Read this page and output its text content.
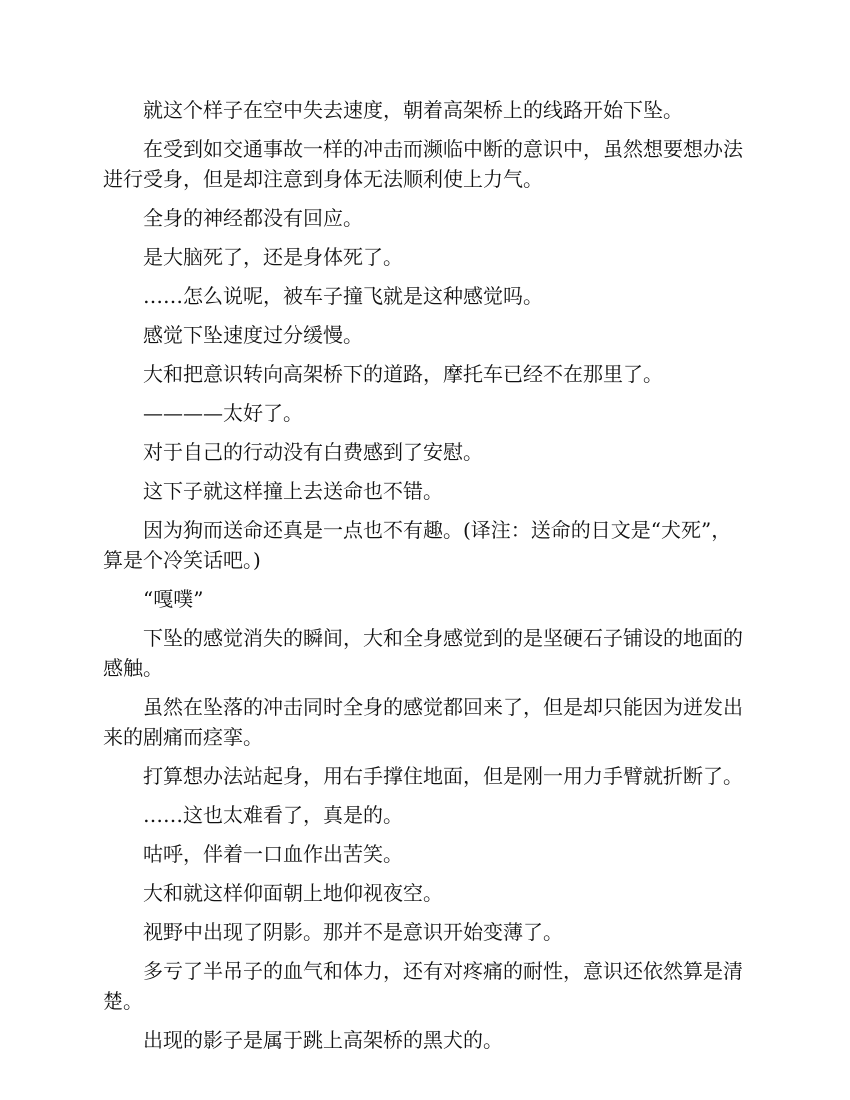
就这个样子在空中失去速度，朝着高架桥上的线路开始下坠。

在受到如交通事故一样的冲击而濒临中断的意识中，虽然想要想办法进行受身，但是却注意到身体无法顺利使上力气。

全身的神经都没有回应。

是大脑死了，还是身体死了。

……怎么说呢，被车子撞飞就是这种感觉吗。

感觉下坠速度过分缓慢。

大和把意识转向高架桥下的道路，摩托车已经不在那里了。

————太好了。

对于自己的行动没有白费感到了安慰。

这下子就这样撞上去送命也不错。

因为狗而送命还真是一点也不有趣。(译注：送命的日文是“犬死”，算是个冷笑话吧。)

“嘎噗”

下坠的感觉消失的瞬间，大和全身感觉到的是坚硬石子铺设的地面的感触。

虽然在坠落的冲击同时全身的感觉都回来了，但是却只能因为迸发出来的剧痛而痉挛。

打算想办法站起身，用右手撑住地面，但是刚一用力手臂就折断了。

……这也太难看了，真是的。

咕呼，伴着一口血作出苦笑。

大和就这样仰面朝上地仰视夜空。

视野中出现了阴影。那并不是意识开始变薄了。

多亏了半吊子的血气和体力，还有对疼痛的耐性，意识还依然算是清楚。

出现的影子是属于跳上高架桥的黑犬的。
